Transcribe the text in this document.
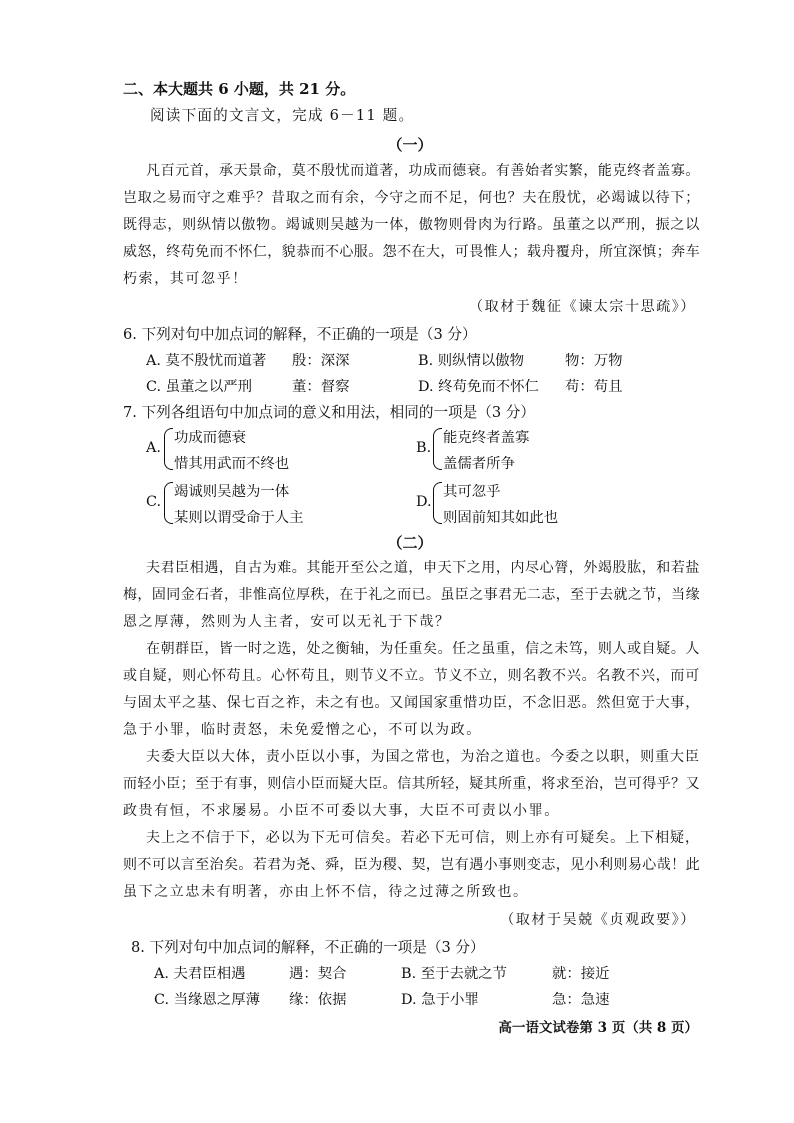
二、本大题共 6 小题，共 21 分。
阅读下面的文言文，完成 6－11 题。
（一）
凡百元首，承天景命，莫不殷忧而道著，功成而德衰。有善始者实繁，能克终者盖寡。
岂取之易而守之难乎？昔取之而有余，今守之而不足，何也？夫在殷忧，必竭诚以待下；
既得志，则纵情以傲物。竭诚则吴越为一体，傲物则骨肉为行路。虽董之以严刑，振之以
威怒，终苟免而不怀仁，貌恭而不心服。怨不在大，可畏惟人；载舟覆舟，所宜深慎；奔车
朽索，其可忽乎！
（取材于魏征《谏太宗十思疏》）
6. 下列对句中加点词的解释，不正确的一项是（3 分）
A. 莫不殷忧而道著 殷：深深	B. 则纵情以傲物	物：万物
C. 虽董之以严刑	董：督察	D. 终苟免而不怀仁 苟：苟且
7. 下列各组语句中加点词的意义和用法，相同的一项是（3 分）
A.
功成而德衰
惜其用武而不终也
B.
能克终者盖寡
盖儒者所争
C.
竭诚则吴越为一体
某则以谓受命于人主
D.
其可忽乎
则固前知其如此也
（二）
夫君臣相遇，自古为难。其能开至公之道，申天下之用，内尽心膂，外竭股肱，和若盐
梅，固同金石者，非惟高位厚秩，在于礼之而已。虽臣之事君无二志，至于去就之节，当缘
恩之厚薄，然则为人主者，安可以无礼于下哉？
在朝群臣，皆一时之选，处之衡轴，为任重矣。任之虽重，信之未笃，则人或自疑。人
或自疑，则心怀苟且。心怀苟且，则节义不立。节义不立，则名教不兴。名教不兴，而可
与固太平之基、保七百之祚，未之有也。又闻国家重惜功臣，不念旧恶。然但宽于大事，
急于小罪，临时责怒，未免爱憎之心，不可以为政。
夫委大臣以大体，责小臣以小事，为国之常也，为治之道也。今委之以职，则重大臣
而轻小臣；至于有事，则信小臣而疑大臣。信其所轻，疑其所重，将求至治，岂可得乎？又
政贵有恒，不求屡易。小臣不可委以大事，大臣不可责以小罪。
夫上之不信于下，必以为下无可信矣。若必下无可信，则上亦有可疑矣。上下相疑，
则不可以言至治矣。若君为尧、舜，臣为稷、契，岂有遇小事则变志，见小利则易心哉！此
虽下之立忠未有明著，亦由上怀不信，待之过薄之所致也。
（取材于吴兢《贞观政要》）
8. 下列对句中加点词的解释，不正确的一项是（3 分）
A. 夫君臣相遇	遇：契合	B. 至于去就之节	就：接近
C. 当缘恩之厚薄 缘：依据	D. 急于小罪	急：急速
高一语文试卷第 3 页（共 8 页）
